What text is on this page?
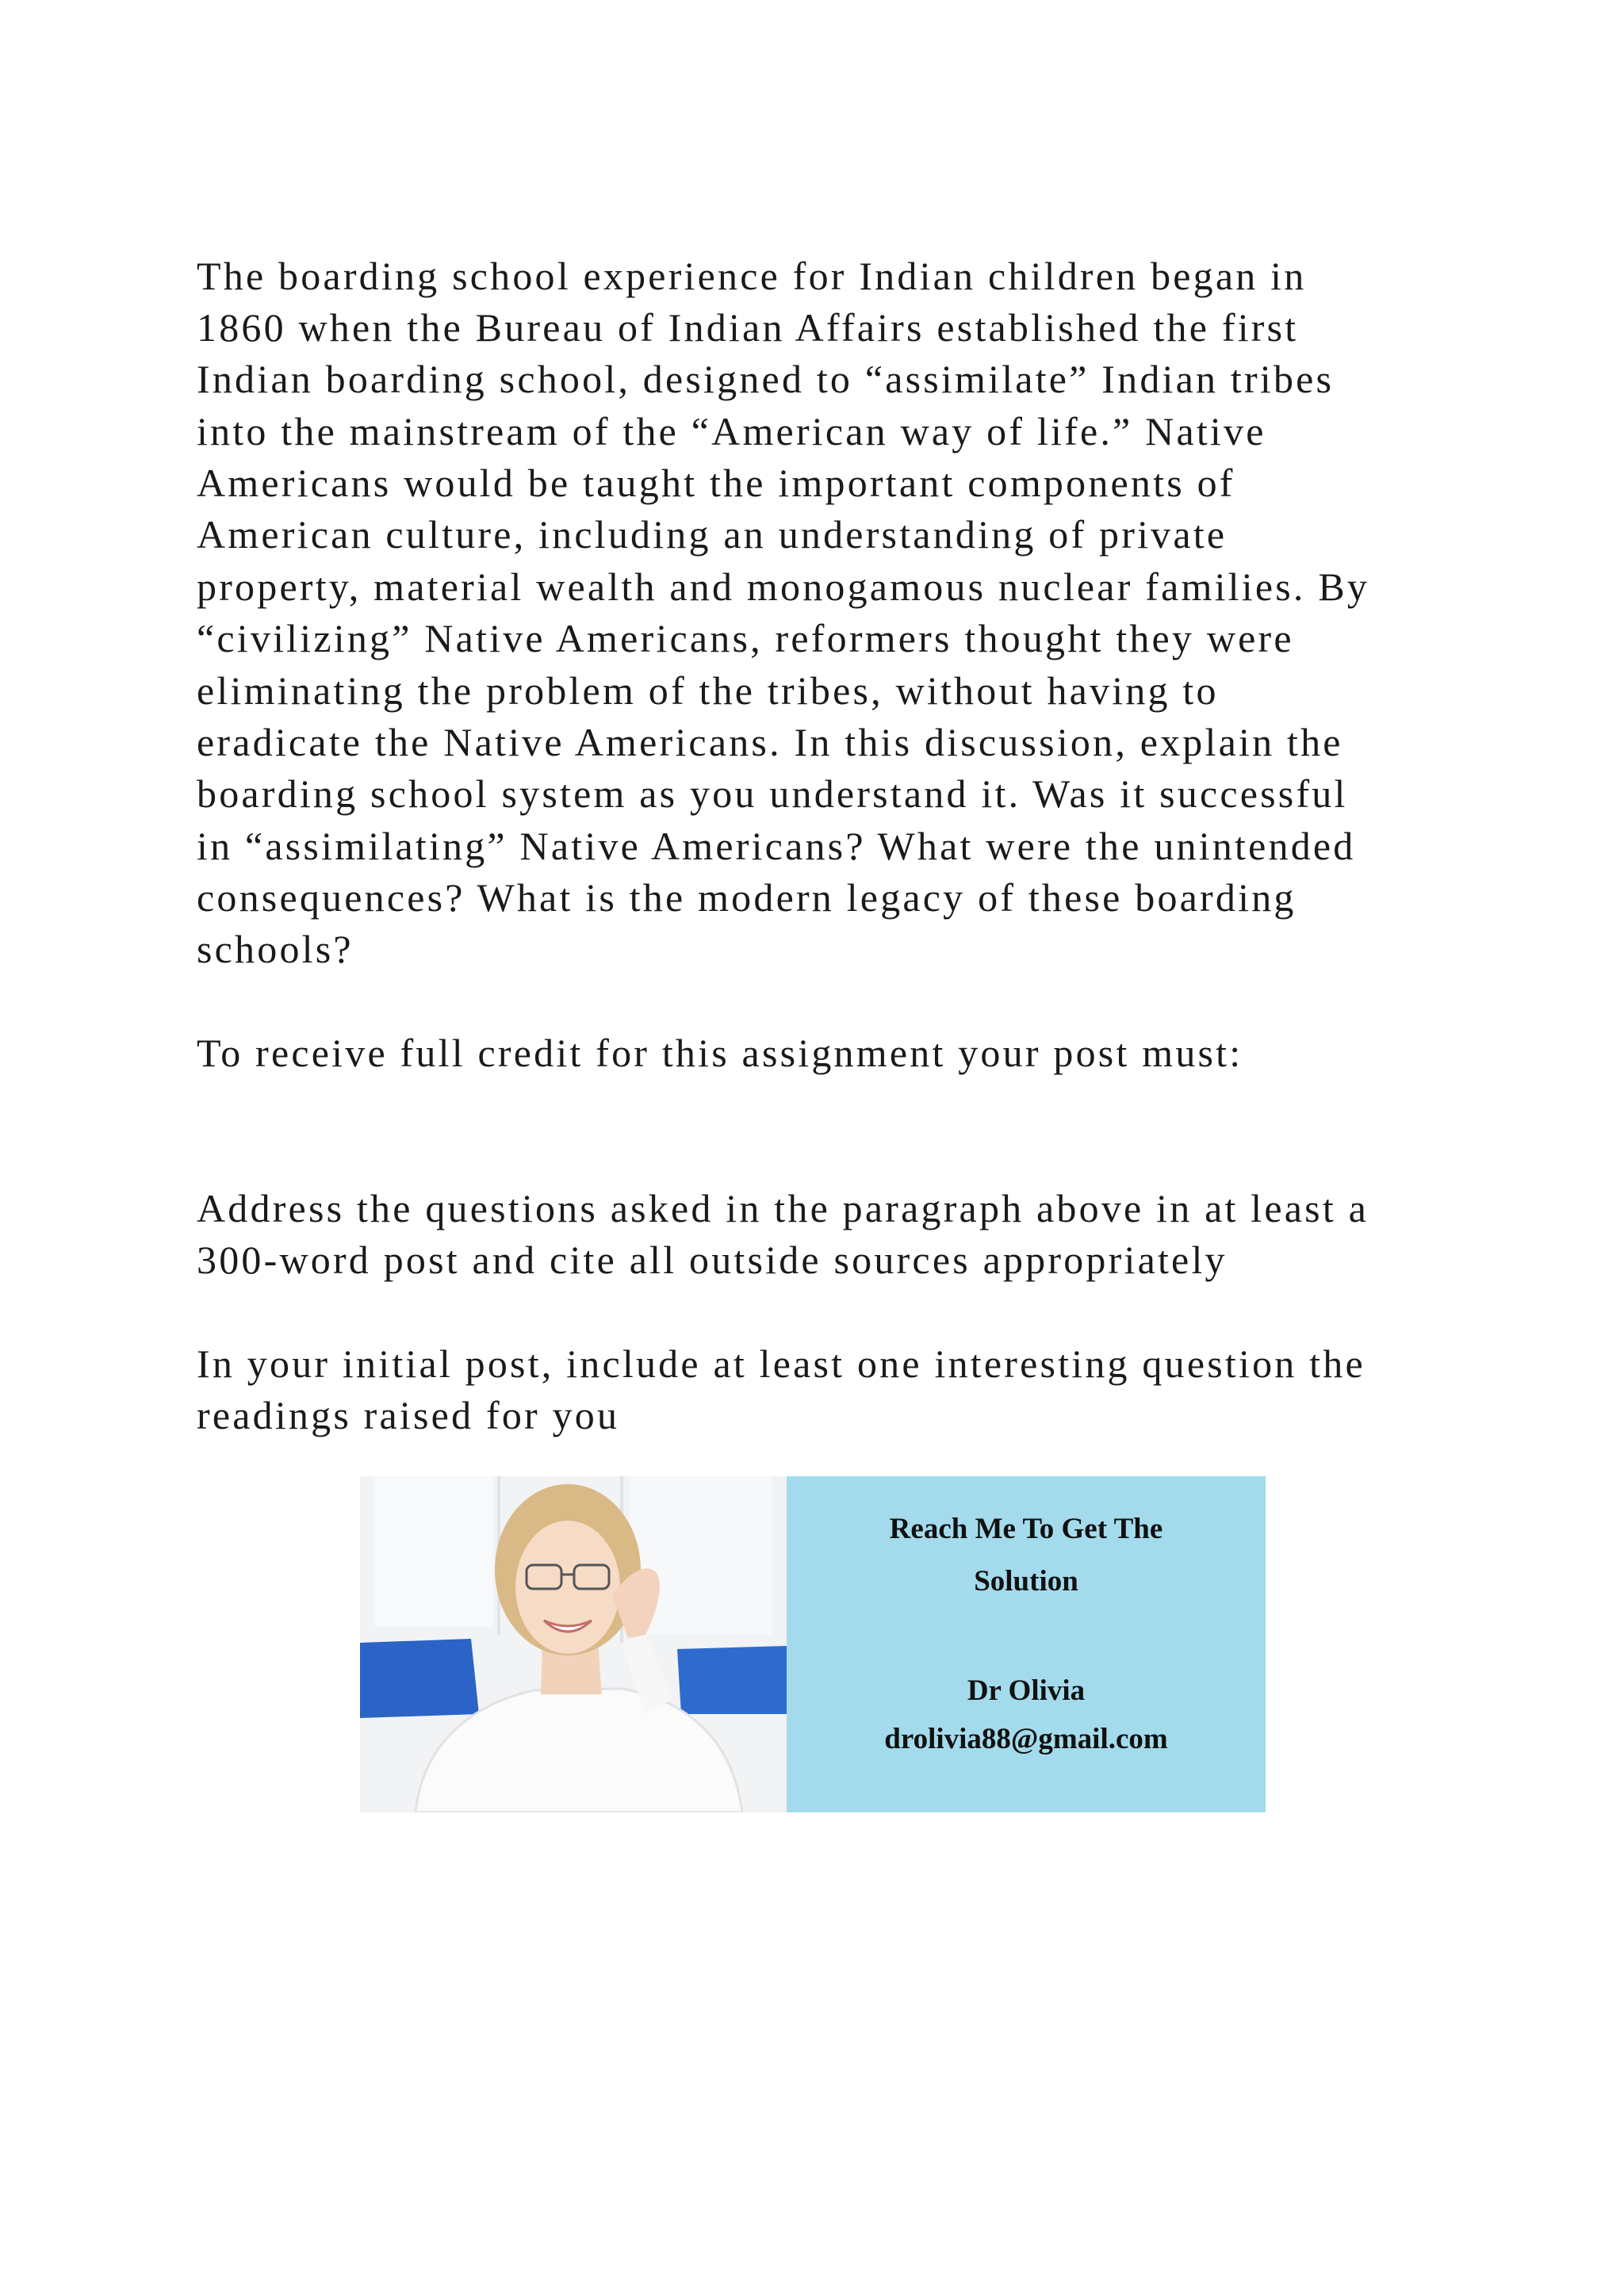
The boarding school experience for Indian children began in
1860 when the Bureau of Indian Affairs established the first
Indian boarding school, designed to “assimilate” Indian tribes
into the mainstream of the “American way of life.” Native
Americans would be taught the important components of
American culture, including an understanding of private
property, material wealth and monogamous nuclear families. By
“civilizing” Native Americans, reformers thought they were
eliminating the problem of the tribes, without having to
eradicate the Native Americans. In this discussion, explain the
boarding school system as you understand it. Was it successful
in “assimilating” Native Americans? What were the unintended
consequences? What is the modern legacy of these boarding
schools?
To receive full credit for this assignment your post must:
Address the questions asked in the paragraph above in at least a
300-word post and cite all outside sources appropriately
In your initial post, include at least one interesting question the
readings raised for you
Reach Me To Get The
Solution
Dr Olivia
drolivia88@gmail.com
